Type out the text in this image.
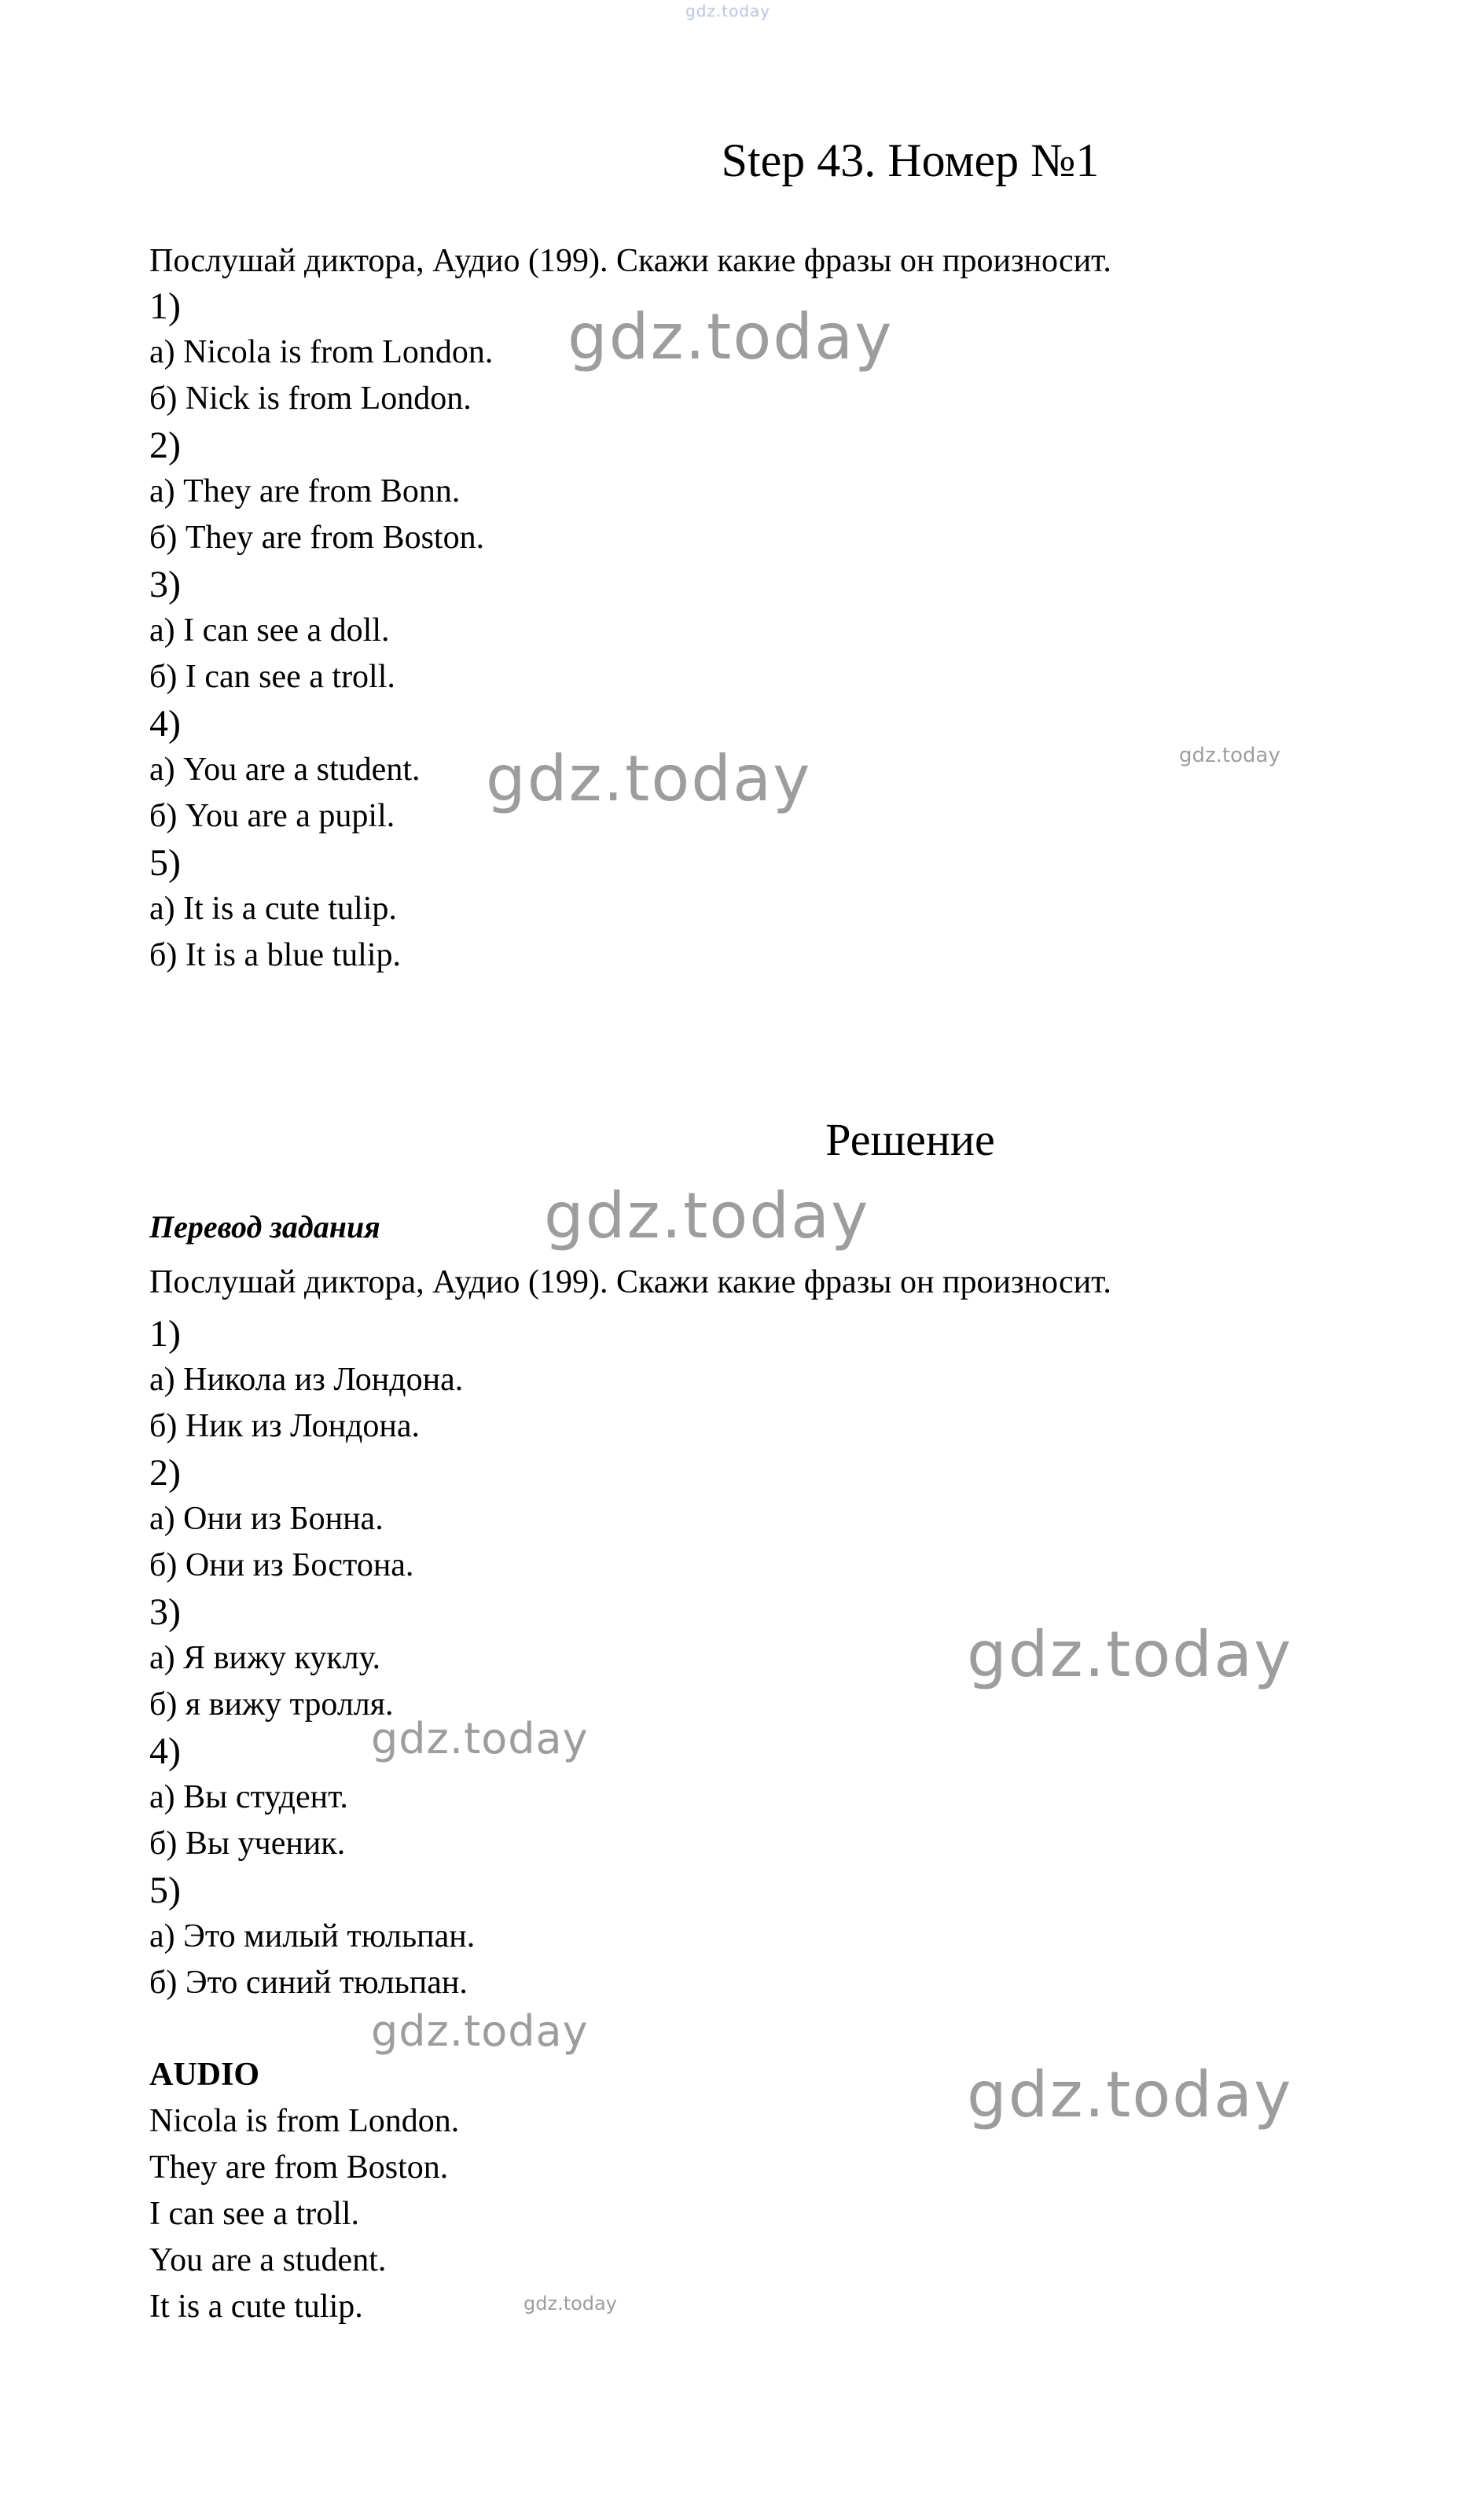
gdz.today
gdz.today
gdz.today
gdz.today
gdz.today
gdz.today
gdz.today
gdz.today
gdz.today
gdz.today
Step 43. Номер №1
Послушай диктора, Аудио (199). Скажи какие фразы он произносит.
1)
а) Nicola is from London.
б) Nick is from London.
2)
а) They are from Bonn.
б) They are from Boston.
3)
а) I can see a doll.
б) I can see a troll.
4)
а) You are a student.
б) You are a pupil.
5)
а) It is a cute tulip.
б) It is a blue tulip.
Решение
Перевод задания
Послушай диктора, Аудио (199). Скажи какие фразы он произносит.
1)
а) Никола из Лондона.
б) Ник из Лондона.
2)
а) Они из Бонна.
б) Они из Бостона.
3)
а) Я вижу куклу.
б) я вижу тролля.
4)
а) Вы студент.
б) Вы ученик.
5)
а) Это милый тюльпан.
б) Это синий тюльпан.
AUDIO
Nicola is from London.
They are from Boston.
I can see a troll.
You are a student.
It is a cute tulip.
